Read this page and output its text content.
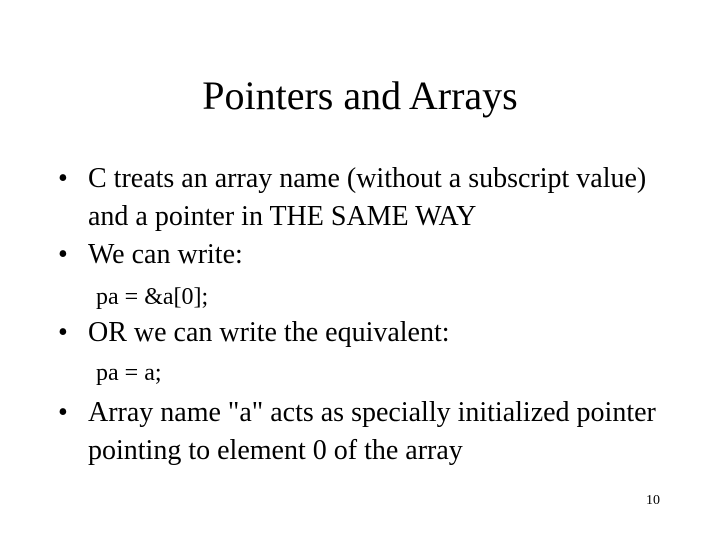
Pointers and Arrays
• C treats an array name (without a subscript value) and a pointer in THE SAME WAY
• We can write:
pa = &a[0];
• OR we can write the equivalent:
pa = a;
• Array name "a" acts as specially initialized pointer pointing to element 0 of the array
10
